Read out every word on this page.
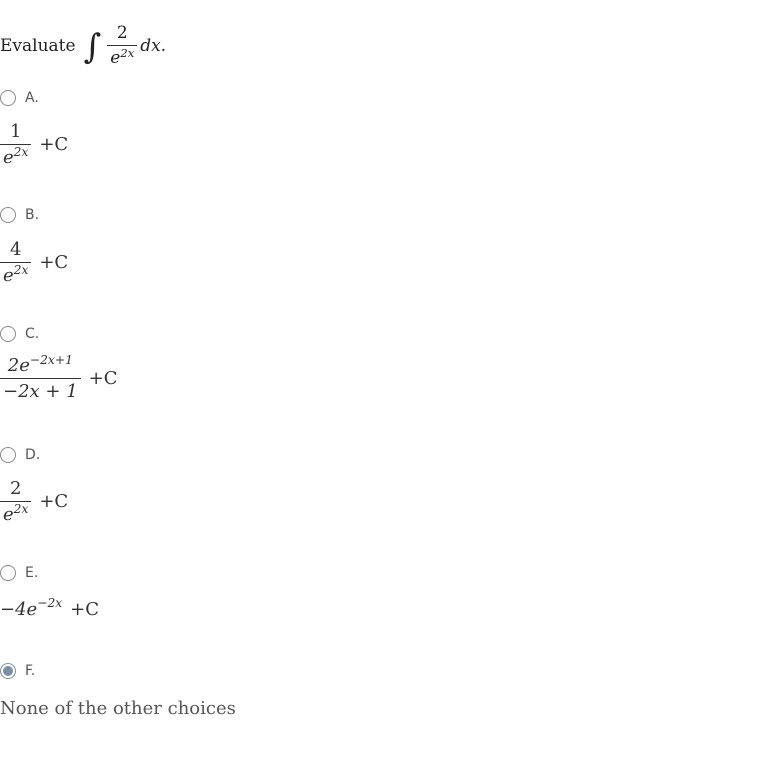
Evaluate ∫ $\frac{2}{e^{2x}}$ dx.
A.
$\frac{1}{e^{2x}} +C$
B.
$\frac{4}{e^{2x}} +C$
C.
$\frac{2e^{-2x+1}}{-2x + 1} +C$
D.
$\frac{2}{e^{2x}} +C$
E.
−4e −2x +C
F.
None of the other choices
